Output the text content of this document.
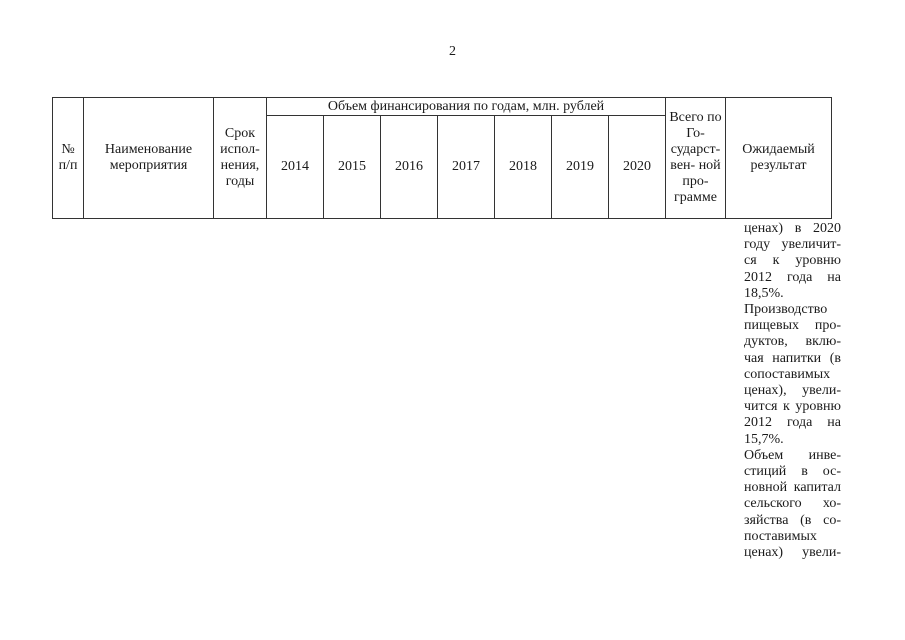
2
№ п/п	Наименование мероприятия	Срок испол- нения, годы	Объем финансирования по годам, млн. рублей							Всего по Го- сударст- вен- ной про- грамме	Ожидаемый результат

			2014	2015	2016	2017	2018	2019	2020		
ценах) в 2020
году увеличит-
ся к уровню
2012 года на
18,5%.
Производство
пищевых про-
дуктов, вклю-
чая напитки (в
сопоставимых
ценах), увели-
чится к уровню
2012 года на
15,7%.
Объем инве-
стиций в ос-
новной капитал
сельского хо-
зяйства (в со-
поставимых
ценах) увели-
